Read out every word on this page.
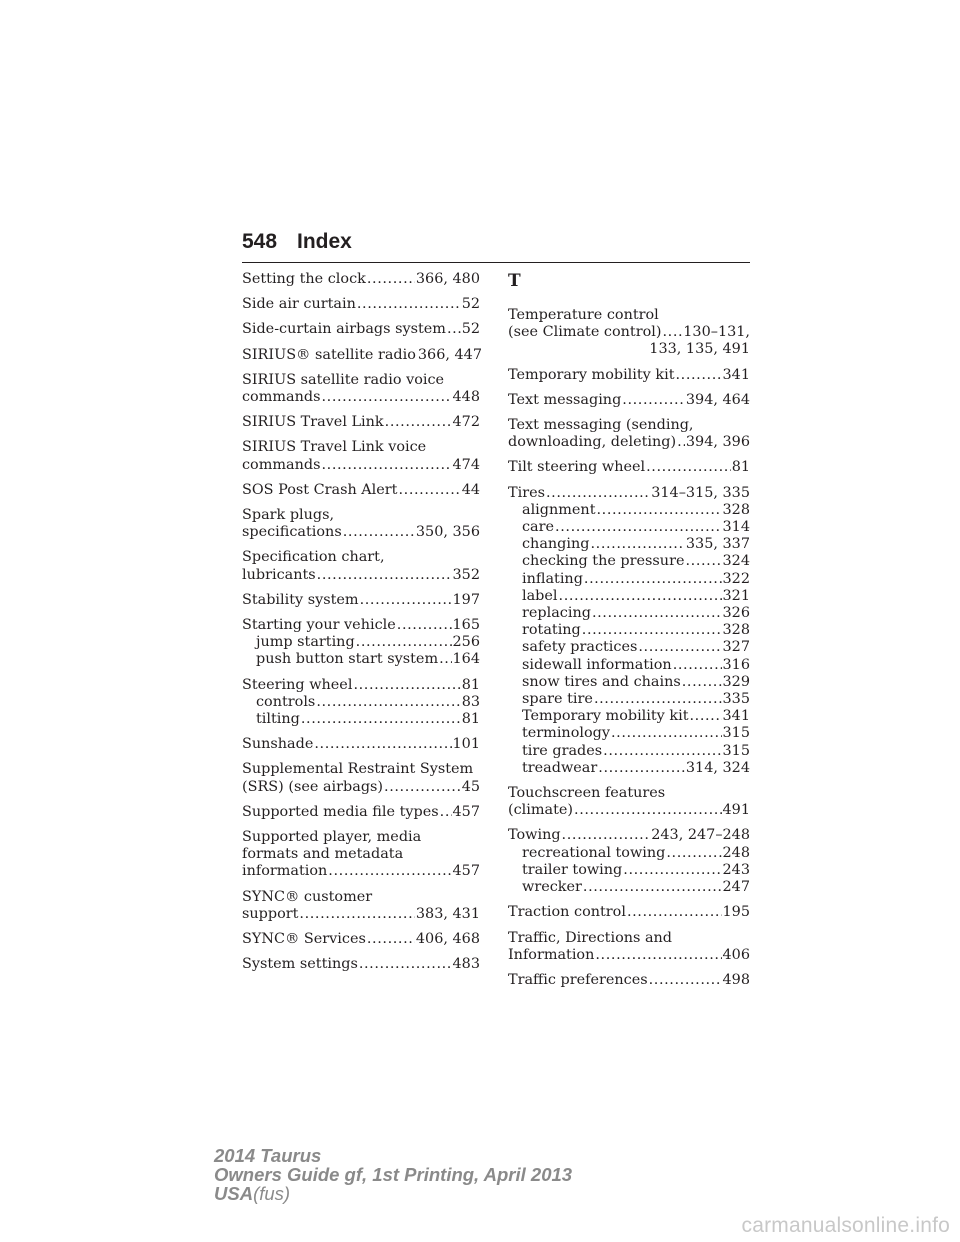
548 Index
Setting the clock .....	366, 480
Side air curtain .....	52
Side-curtain airbags system ..... 52
SIRIUS® satellite radio 366, 447
SIRIUS satellite radio voice
commands .....	448
SIRIUS Travel Link .....	472
SIRIUS Travel Link voice
commands .....	474
SOS Post Crash Alert .....	44
Spark plugs,
specifications .....	350, 356
Specification chart,
lubricants .....	352
Stability system .....	197
Starting your vehicle .....	165
jump starting .....	256
push button start system ..... 164
Steering wheel .....	81
controls .....	83
tilting .....	81
Sunshade .....	101
Supplemental Restraint System
(SRS) (see airbags) .....	45
Supported media file types ..... 457
Supported player, media
formats and metadata
information .....	457
SYNC® customer
support .....	383, 431
SYNC® Services .....	406, 468
System settings .....	483
T
Temperature control
(see Climate control) ..... 130–131,
133, 135, 491
Temporary mobility kit .....	341
Text messaging .....	394, 464
Text messaging (sending,
downloading, deleting) ..... 394, 396
Tilt steering wheel .....	81
Tires .....	314–315, 335
alignment .....	328
care .....	314
changing .....	335, 337
checking the pressure .....	324
inflating .....	322
label .....	321
replacing .....	326
rotating .....	328
safety practices .....	327
sidewall information .....	316
snow tires and chains .....	329
spare tire .....	335
Temporary mobility kit ..... 341
terminology .....	315
tire grades .....	315
treadwear .....	314, 324
Touchscreen features
(climate) .....	491
Towing .....	243, 247–248
recreational towing .....	248
trailer towing .....	243
wrecker .....	247
Traction control .....	195
Traffic, Directions and
Information .....	406
Traffic preferences .....	498
2014 Taurus
Owners Guide gf, 1st Printing, April 2013
USA(fus)
carmanualsonline.info
